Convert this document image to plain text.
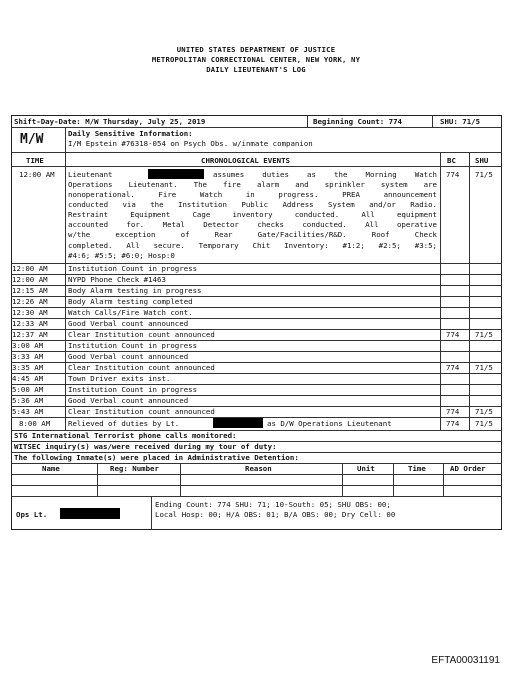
UNITED STATES DEPARTMENT OF JUSTICE
METROPOLITAN CORRECTIONAL CENTER, NEW YORK, NY
DAILY LIEUTENANT'S LOG
Shift-Day-Date: M/W Thursday, July 25, 2019	Beginning Count: 774	SHU: 71/5
M/W	Daily Sensitive Information:
I/M Epstein #76318-054 on Psych Obs. w/inmate companion
TIME	CHRONOLOGICAL EVENTS	BC	SHU
12:00 AM Lieutenant	assumes duties as the Morning Watch
Operations Lieutenant. The fire alarm and sprinkler system are
nonoperational. Fire Watch in progress. PREA announcement
conducted via the Institution Public Address System and/or Radio.
Restraint Equipment Cage inventory conducted. All equipment
accounted for. Metal Detector checks conducted. All operative
w/the exception of Rear Gate/Facilities/R&D. Roof Check
completed. All secure. Temporary Chit Inventory: #1:2; #2:5; #3:5;
#4:6; #5:5; #6:0; Hosp:0
774 71/5
12:00 AM	Institution Count in progress
12:00 AM	NYPD Phone Check #1463
12:15 AM	Body Alarm testing in progress
12:26 AM	Body Alarm testing completed
12:30 AM	Watch Calls/Fire Watch cont.
12:33 AM	Good Verbal count announced
12:37 AM	Clear Institution count announced	774 71/5
3:00 AM	Institution Count in progress
3:33 AM	Good Verbal count announced
3:35 AM	Clear Institution count announced	774 71/5
4:45 AM	Town Driver exits inst.
5:00 AM	Institution Count in progress
5:36 AM	Good Verbal count announced
5:43 AM	Clear Institution count announced	774 71/5
8:00 AM Relieved of duties by Lt.	as D/W Operations Lieutenant	774 71/5
STG International Terrorist phone calls monitored:
WITSEC inquiry(s) was/were received during my tour of duty:
The following Inmate(s) were placed in Administrative Detention:
Name	Reg: Number	Reason	Unit	Time	AD Order
Ops Lt.
Ending Count: 774 SHU: 71; 10-South: 05; SHU OBS: 00;
Local Hosp: 00; H/A OBS: 01; B/A OBS: 00; Dry Cell: 00
EFTA00031191
